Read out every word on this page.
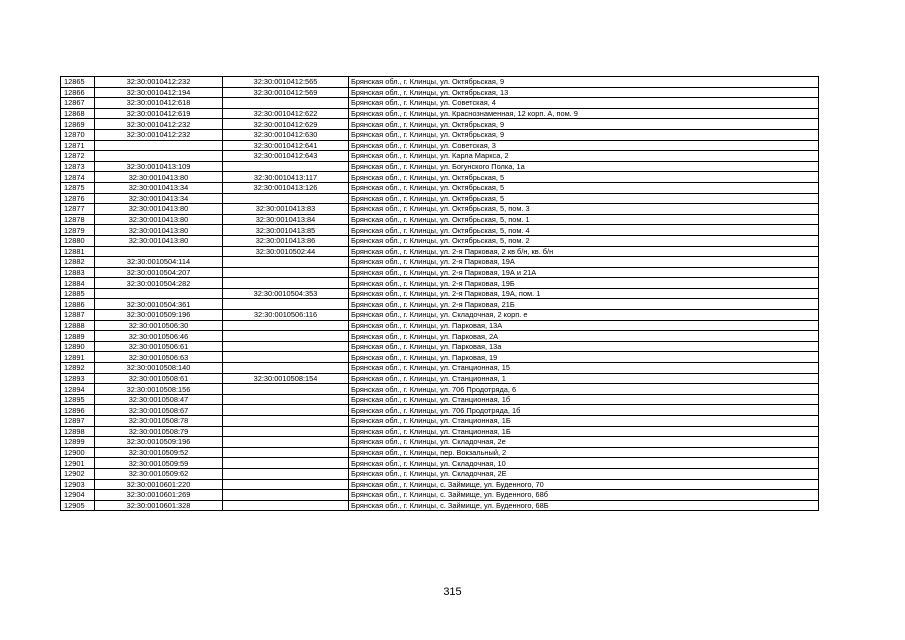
12865	32:30:0010412:232	32:30:0010412:565	Брянская обл., г. Клинцы, ул. Октябрьская, 9
12866	32:30:0010412:194	32:30:0010412:569	Брянская обл., г. Клинцы, ул. Октябрьская, 13
12867	32:30:0010412:618		Брянская обл., г. Клинцы, ул. Советская, 4
12868	32:30:0010412:619	32:30:0010412:622	Брянская обл., г. Клинцы, ул. Краснознаменная, 12 корп. А, пом. 9
12869	32:30:0010412:232	32:30:0010412:629	Брянская обл., г. Клинцы, ул. Октябрьская, 9
12870	32:30:0010412:232	32:30:0010412:630	Брянская обл., г. Клинцы, ул. Октябрьская, 9
12871		32:30:0010412:641	Брянская обл., г. Клинцы, ул. Советская, 3
12872		32:30:0010412:643	Брянская обл., г. Клинцы, ул. Карла Маркса, 2
12873	32:30:0010413:109		Брянская обл., г. Клинцы, ул. Богунского Полка, 1а
12874	32:30:0010413:80	32:30:0010413:117	Брянская обл., г. Клинцы, ул. Октябрьская, 5
12875	32:30:0010413:34	32:30:0010413:126	Брянская обл., г. Клинцы, ул. Октябрьская, 5
12876	32:30:0010413:34		Брянская обл., г. Клинцы, ул. Октябрьская, 5
12877	32:30:0010413:80	32:30:0010413:83	Брянская обл., г. Клинцы, ул. Октябрьская, 5, пом. 3
12878	32:30:0010413:80	32:30:0010413:84	Брянская обл., г. Клинцы, ул. Октябрьская, 5, пом. 1
12879	32:30:0010413:80	32:30:0010413:85	Брянская обл., г. Клинцы, ул. Октябрьская, 5, пом. 4
12880	32:30:0010413:80	32:30:0010413:86	Брянская обл., г. Клинцы, ул. Октябрьская, 5, пом. 2
12881		32:30:0010502:44	Брянская обл., г. Клинцы, ул. 2-я Парковая, 2 кв б/н, кв. б/н
12882	32:30:0010504:114		Брянская обл., г. Клинцы, ул. 2-я Парковая, 19А
12883	32:30:0010504:207		Брянская обл., г. Клинцы, ул. 2-я Парковая, 19А и 21А
12884	32:30:0010504:282		Брянская обл., г. Клинцы, ул. 2-я Парковая, 19Б
12885		32:30:0010504:353	Брянская обл., г. Клинцы, ул. 2-я Парковая, 19А, пом. 1
12886	32:30:0010504:361		Брянская обл., г. Клинцы, ул. 2-я Парковая, 21Б
12887	32:30:0010509:196	32:30:0010506:116	Брянская обл., г. Клинцы, ул. Складочная, 2 корп. е
12888	32:30:0010506:30		Брянская обл., г. Клинцы, ул. Парковая, 13А
12889	32:30:0010506:46		Брянская обл., г. Клинцы, ул. Парковая, 2А
12890	32:30:0010506:61		Брянская обл., г. Клинцы, ул. Парковая, 13а
12891	32:30:0010506:63		Брянская обл., г. Клинцы, ул. Парковая, 19
12892	32:30:0010508:140		Брянская обл., г. Клинцы, ул. Станционная, 15
12893	32:30:0010508:61	32:30:0010508:154	Брянская обл., г. Клинцы, ул. Станционная, 1
12894	32:30:0010508:156		Брянская обл., г. Клинцы, ул. 706 Продотряда, 6
12895	32:30:0010508:47		Брянская обл., г. Клинцы, ул. Станционная, 1б
12896	32:30:0010508:67		Брянская обл., г. Клинцы, ул. 706 Продотряда, 1б
12897	32:30:0010508:78		Брянская обл., г. Клинцы, ул. Станционная, 1Б
12898	32:30:0010508:79		Брянская обл., г. Клинцы, ул. Станционная, 1Б
12899	32:30:0010509:196		Брянская обл., г. Клинцы, ул. Складочная, 2е
12900	32:30:0010509:52		Брянская обл., г. Клинцы, пер. Вокзальный, 2
12901	32:30:0010509:59		Брянская обл., г. Клинцы, ул. Складочная, 10
12902	32:30:0010509:62		Брянская обл., г. Клинцы, ул. Складочная, 2Е
12903	32:30:0010601:220		Брянская обл., г. Клинцы, с. Займище, ул. Буденного, 70
12904	32:30:0010601:269		Брянская обл., г. Клинцы, с. Займище, ул. Буденного, 68б
12905	32:30:0010601:328		Брянская обл., г. Клинцы, с. Займище, ул. Буденного, 68Б
315
